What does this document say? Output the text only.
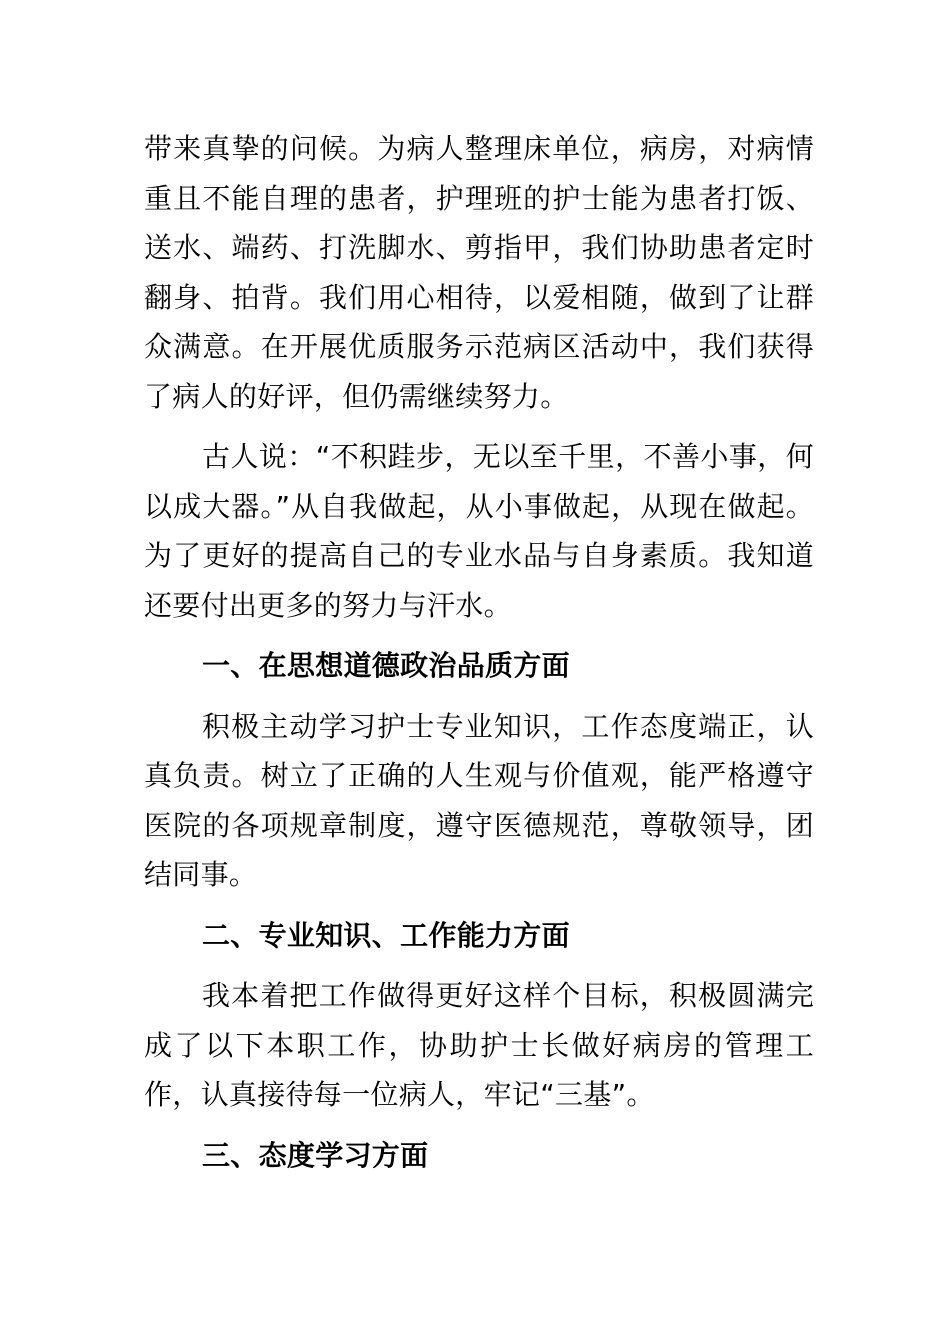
带来真挚的问候。为病人整理床单位，病房，对病情重且不能自理的患者，护理班的护士能为患者打饭、送水、端药、打洗脚水、剪指甲，我们协助患者定时翻身、拍背。我们用心相待，以爱相随，做到了让群众满意。在开展优质服务示范病区活动中，我们获得了病人的好评，但仍需继续努力。

古人说：“不积跬步，无以至千里，不善小事，何以成大器。”从自我做起，从小事做起，从现在做起。为了更好的提高自己的专业水品与自身素质。我知道还要付出更多的努力与汗水。

一、在思想道德政治品质方面

积极主动学习护士专业知识，工作态度端正，认真负责。树立了正确的人生观与价值观，能严格遵守医院的各项规章制度，遵守医德规范，尊敬领导，团结同事。

二、专业知识、工作能力方面

我本着把工作做得更好这样个目标，积极圆满完成了以下本职工作，协助护士长做好病房的管理工作，认真接待每一位病人，牢记“三基”。

三、态度学习方面
